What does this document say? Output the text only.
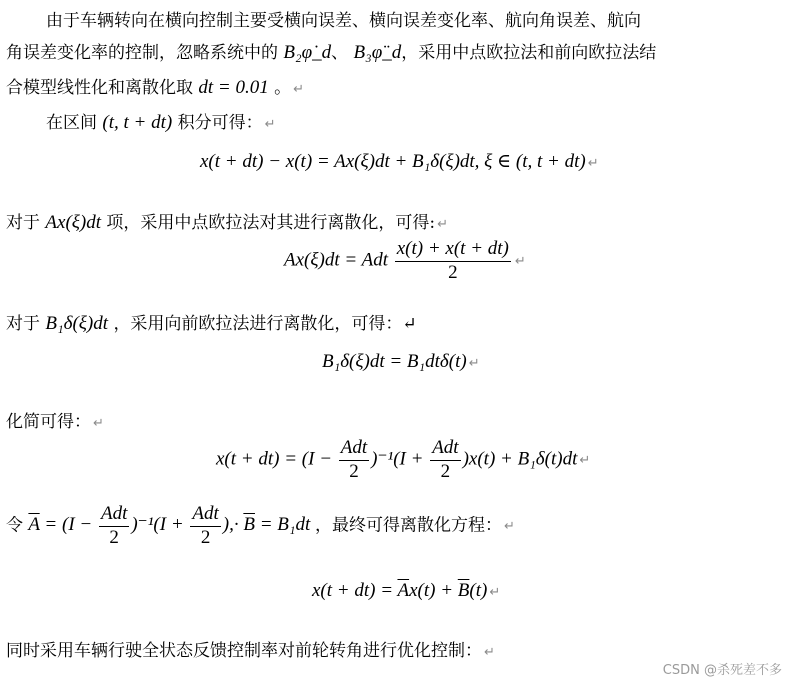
由于车辆转向在横向控制主要受横向误差、横向误差变化率、航向角误差、航向
角误差变化率的控制，忽略系统中的 B₂φ̇_d、 B₃φ̈_d，采用中点欧拉法和前向欧拉法结
合模型线性化和离散化取 dt = 0.01 。 ↵
在区间 (t, t + dt) 积分可得： ↵
x(t + dt) − x(t) = Ax(ξ)dt + B₁δ(ξ)dt, ξ ∈ (t, t + dt) ↵
对于 Ax(ξ)dt 项，采用中点欧拉法对其进行离散化，可得: ↵
Ax(ξ)dt = Adt $\frac{x(t) + x(t + dt)}{2}$ ↵
对于 B₁δ(ξ)dt ，采用向前欧拉法进行离散化，可得：↵
B₁δ(ξ)dt = B₁dtδ(t) ↵
化简可得： ↵
$x(t + dt) = (I - \frac{\text{Adt}}{2} )^{-1}(I + \frac{\text{Adt}}{2} )x(t) + B_1\delta(t)dt$ ↵
令 $\overline{A} = (I - \frac{\text{Adt}}{2} )^{-1}(I + \frac{\text{Adt}}{2}$ ),· $\overline{B} = B_1dt$ ，最终可得离散化方程： ↵
$x(t + dt) = \overline{A}x(t) + \overline{B}(t)$ ↵
同时采用车辆行驶全状态反馈控制率对前轮转角进行优化控制： ↵
CSDN @杀死差不多
